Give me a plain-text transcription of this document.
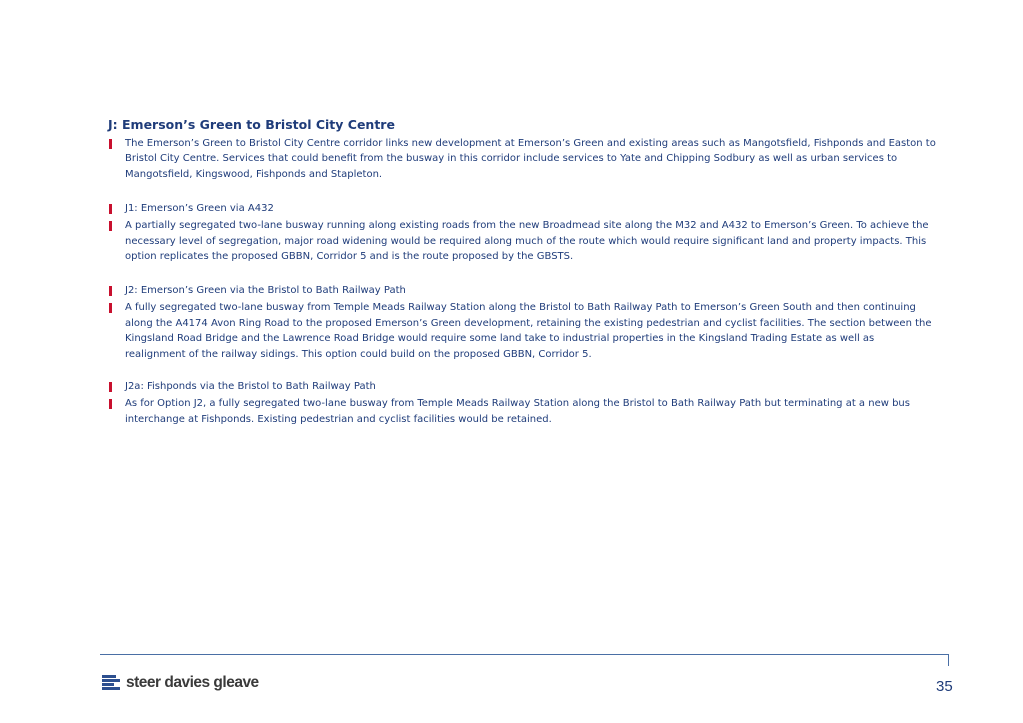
J: Emerson’s Green to Bristol City Centre
The Emerson’s Green to Bristol City Centre corridor links new development at Emerson’s Green and existing areas such as Mangotsfield, Fishponds and Easton to Bristol City Centre. Services that could benefit from the busway in this corridor include services to Yate and Chipping Sodbury as well as urban services to Mangotsfield, Kingswood, Fishponds and Stapleton.
J1: Emerson’s Green via A432
A partially segregated two-lane busway running along existing roads from the new Broadmead site along the M32 and A432 to Emerson’s Green. To achieve the necessary level of segregation, major road widening would be required along much of the route which would require significant land and property impacts. This option replicates the proposed GBBN, Corridor 5 and is the route proposed by the GBSTS.
J2: Emerson’s Green via the Bristol to Bath Railway Path
A fully segregated two-lane busway from Temple Meads Railway Station along the Bristol to Bath Railway Path to Emerson’s Green South and then continuing along the A4174 Avon Ring Road to the proposed Emerson’s Green development, retaining the existing pedestrian and cyclist facilities. The section between the Kingsland Road Bridge and the Lawrence Road Bridge would require some land take to industrial properties in the Kingsland Trading Estate as well as realignment of the railway sidings. This option could build on the proposed GBBN, Corridor 5.
J2a: Fishponds via the Bristol to Bath Railway Path
As for Option J2, a fully segregated two-lane busway from Temple Meads Railway Station along the Bristol to Bath Railway Path but terminating at a new bus interchange at Fishponds. Existing pedestrian and cyclist facilities would be retained.
steer davies gleave	35
